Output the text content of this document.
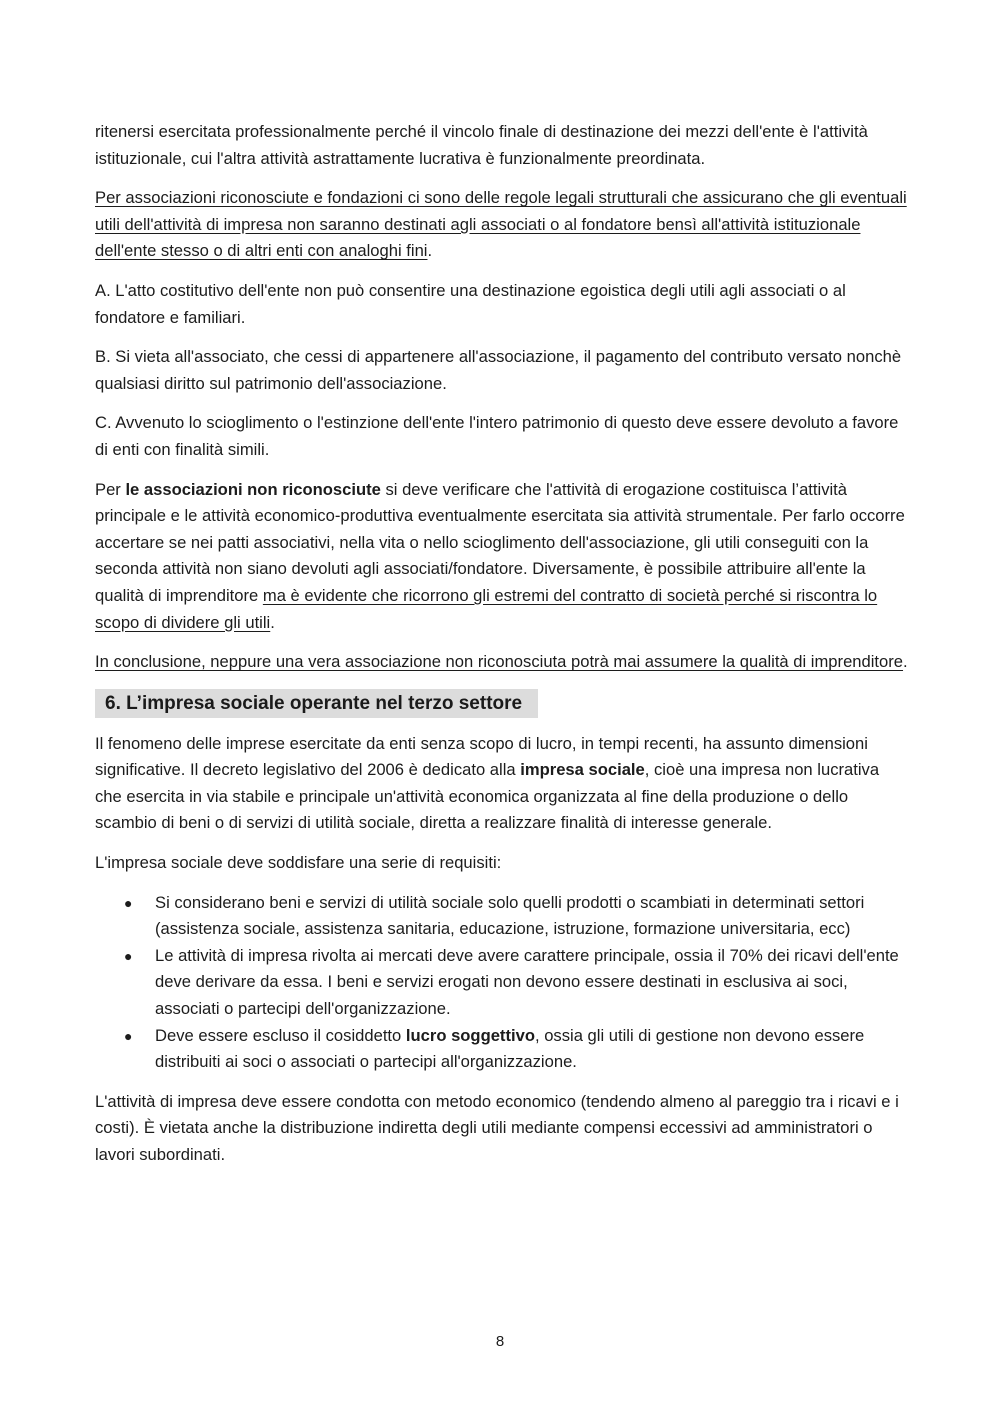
ritenersi esercitata professionalmente perché il vincolo finale di destinazione dei mezzi dell'ente è l'attività istituzionale, cui l'altra attività astrattamente lucrativa è funzionalmente preordinata.

Per associazioni riconosciute e fondazioni ci sono delle regole legali strutturali che assicurano che gli eventuali utili dell'attività di impresa non saranno destinati agli associati o al fondatore bensì all'attività istituzionale dell'ente stesso o di altri enti con analoghi fini.

A. L'atto costitutivo dell'ente non può consentire una destinazione egoistica degli utili agli associati o al fondatore e familiari.

B. Si vieta all'associato, che cessi di appartenere all'associazione, il pagamento del contributo versato nonchè qualsiasi diritto sul patrimonio dell'associazione.

C. Avvenuto lo scioglimento o l'estinzione dell'ente l'intero patrimonio di questo deve essere devoluto a favore di enti con finalità simili.

Per le associazioni non riconosciute si deve verificare che l'attività di erogazione costituisca l’attività principale e le attività economico-produttiva eventualmente esercitata sia attività strumentale. Per farlo occorre accertare se nei patti associativi, nella vita o nello scioglimento dell'associazione, gli utili conseguiti con la seconda attività non siano devoluti agli associati/fondatore. Diversamente, è possibile attribuire all'ente la qualità di imprenditore ma è evidente che ricorrono gli estremi del contratto di società perché si riscontra lo scopo di dividere gli utili.

In conclusione, neppure una vera associazione non riconosciuta potrà mai assumere la qualità di imprenditore.

6. L’impresa sociale operante nel terzo settore

Il fenomeno delle imprese esercitate da enti senza scopo di lucro, in tempi recenti, ha assunto dimensioni significative. Il decreto legislativo del 2006 è dedicato alla impresa sociale, cioè una impresa non lucrativa che esercita in via stabile e principale un'attività economica organizzata al fine della produzione o dello scambio di beni o di servizi di utilità sociale, diretta a realizzare finalità di interesse generale.

L'impresa sociale deve soddisfare una serie di requisiti:

● Si considerano beni e servizi di utilità sociale solo quelli prodotti o scambiati in determinati settori (assistenza sociale, assistenza sanitaria, educazione, istruzione, formazione universitaria, ecc)
● Le attività di impresa rivolta ai mercati deve avere carattere principale, ossia il 70% dei ricavi dell'ente deve derivare da essa. I beni e servizi erogati non devono essere destinati in esclusiva ai soci, associati o partecipi dell'organizzazione.
● Deve essere escluso il cosiddetto lucro soggettivo, ossia gli utili di gestione non devono essere distribuiti ai soci o associati o partecipi all'organizzazione.

L'attività di impresa deve essere condotta con metodo economico (tendendo almeno al pareggio tra i ricavi e i costi). È vietata anche la distribuzione indiretta degli utili mediante compensi eccessivi ad amministratori o lavori subordinati.

8
